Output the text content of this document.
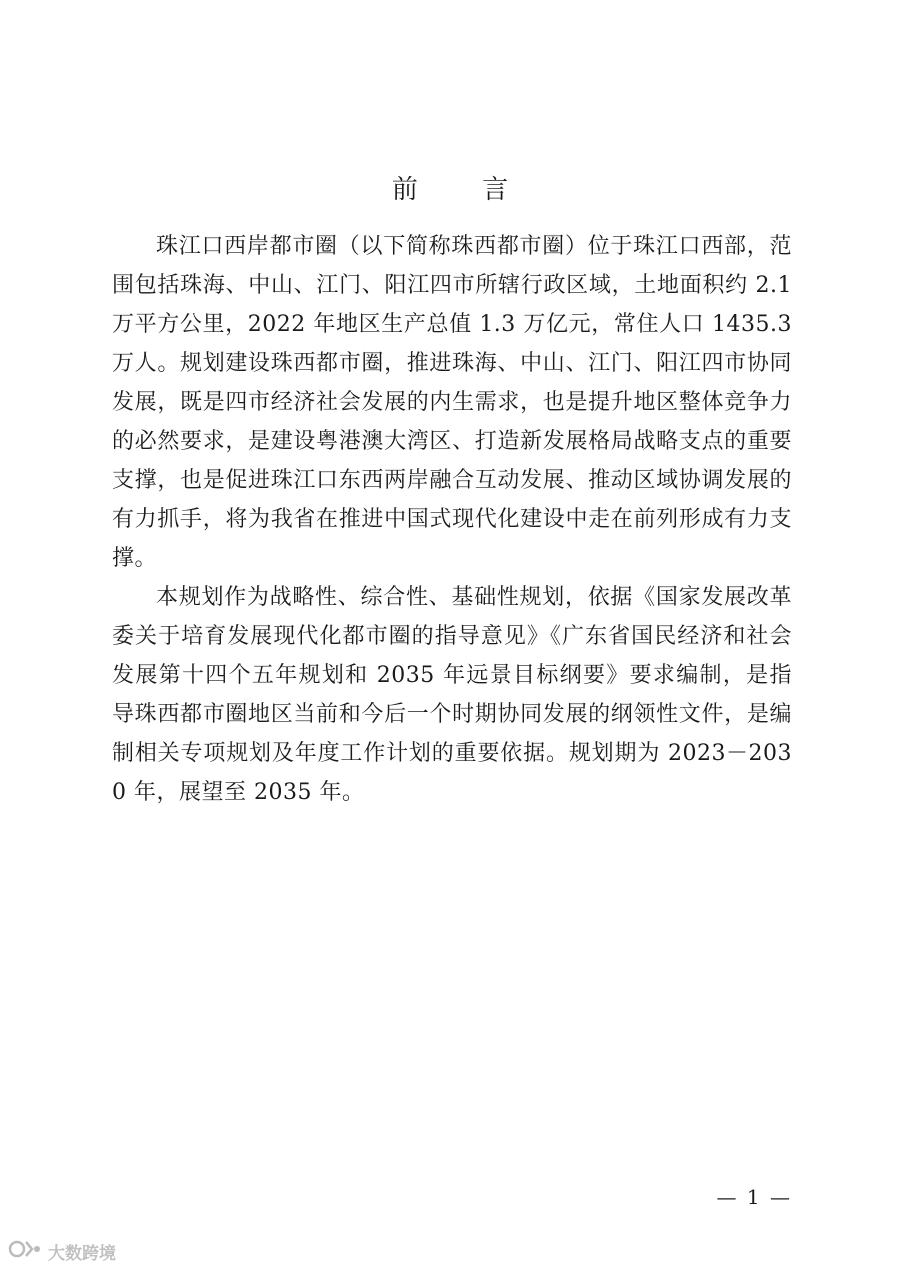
前 言

珠江口西岸都市圈（以下简称珠西都市圈）位于珠江口西部，范围包括珠海、中山、江门、阳江四市所辖行政区域，土地面积约 2.1 万平方公里，2022 年地区生产总值 1.3 万亿元，常住人口 1435.3 万人。规划建设珠西都市圈，推进珠海、中山、江门、阳江四市协同发展，既是四市经济社会发展的内生需求，也是提升地区整体竞争力的必然要求，是建设粤港澳大湾区、打造新发展格局战略支点的重要支撑，也是促进珠江口东西两岸融合互动发展、推动区域协调发展的有力抓手，将为我省在推进中国式现代化建设中走在前列形成有力支撑。

本规划作为战略性、综合性、基础性规划，依据《国家发展改革委关于培育发展现代化都市圈的指导意见》《广东省国民经济和社会发展第十四个五年规划和 2035 年远景目标纲要》要求编制，是指导珠西都市圈地区当前和今后一个时期协同发展的纲领性文件，是编制相关专项规划及年度工作计划的重要依据。规划期为 2023－2030 年，展望至 2035 年。

— 1 —
大数跨境
